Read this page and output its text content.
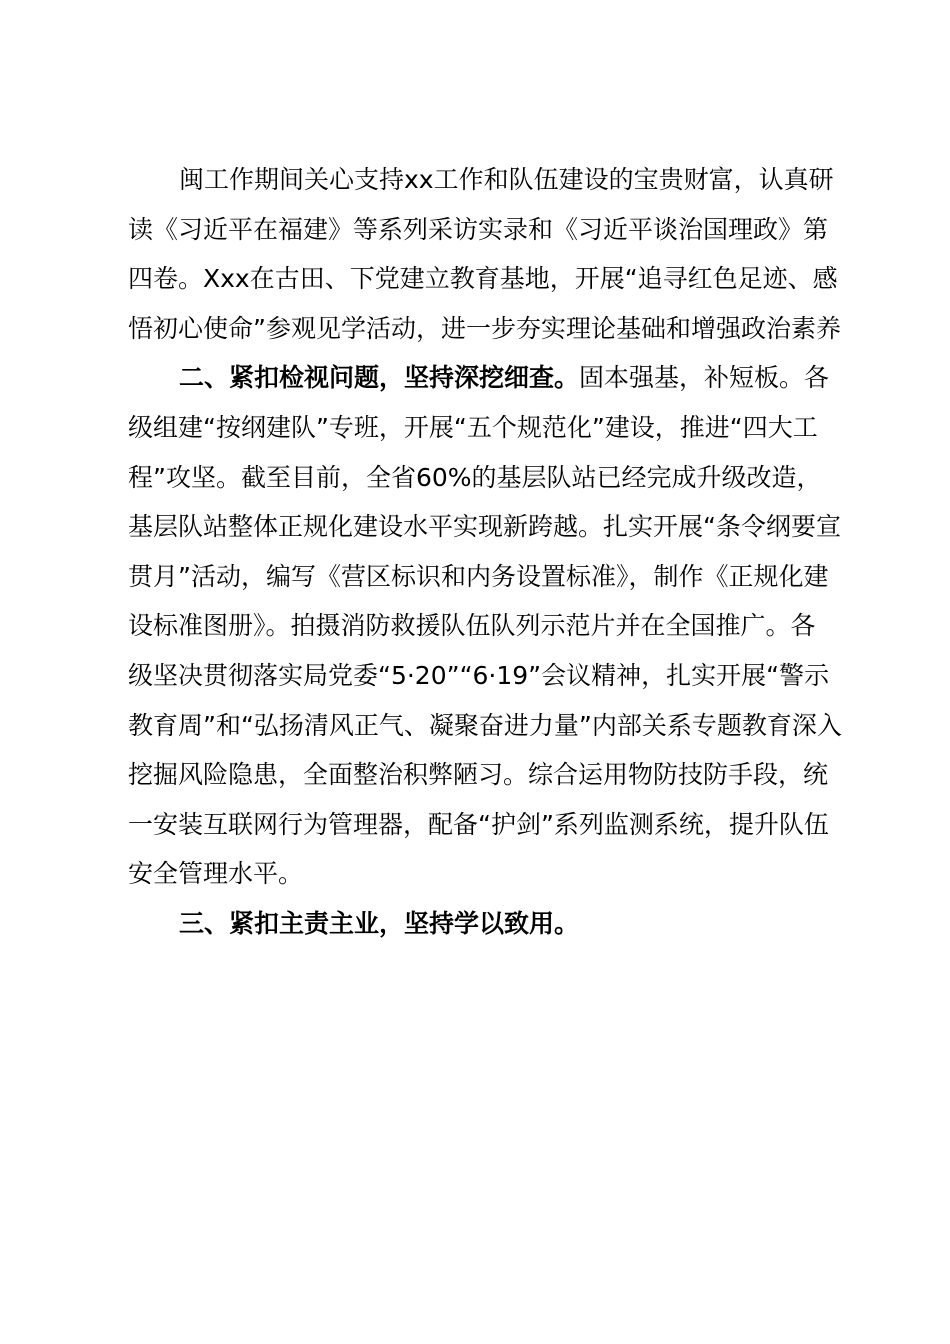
闽工作期间关心支持xx工作和队伍建设的宝贵财富，认真研
读《习近平在福建》等系列采访实录和《习近平谈治国理政》第
四卷。Xxx在古田、下党建立教育基地，开展“追寻红色足迹、感
悟初心使命”参观见学活动，进一步夯实理论基础和增强政治素养
二、紧扣检视问题，坚持深挖细查。固本强基，补短板。各
级组建“按纲建队”专班，开展“五个规范化”建设，推进“四大工
程”攻坚。截至目前，全省60%的基层队站已经完成升级改造，
基层队站整体正规化建设水平实现新跨越。扎实开展“条令纲要宣
贯月”活动，编写《营区标识和内务设置标准》，制作《正规化建
设标准图册》。拍摄消防救援队伍队列示范片并在全国推广。各
级坚决贯彻落实局党委“5·20”“6·19”会议精神，扎实开展“警示
教育周”和“弘扬清风正气、凝聚奋进力量”内部关系专题教育深入
挖掘风险隐患，全面整治积弊陋习。综合运用物防技防手段，统
一安装互联网行为管理器，配备“护剑”系列监测系统，提升队伍
安全管理水平。
三、紧扣主责主业，坚持学以致用。
